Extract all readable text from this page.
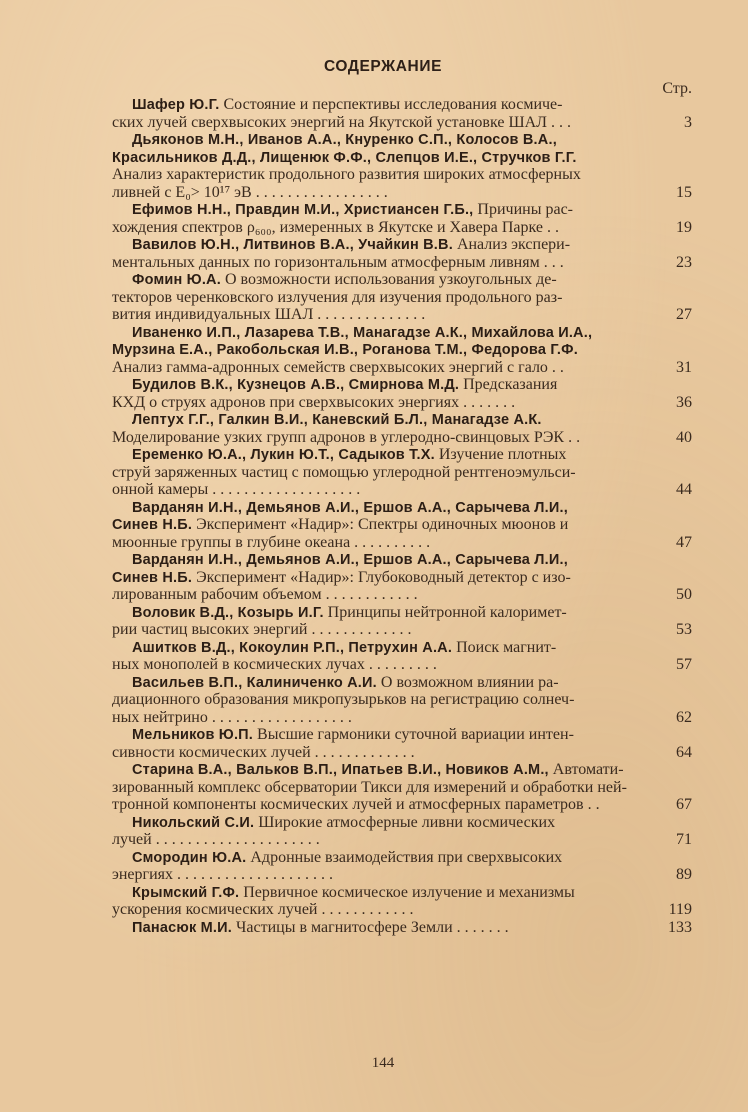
СОДЕРЖАНИЕ
Стр.
Шафер Ю.Г. Состояние и перспективы исследования космиче-
ских лучей сверхвысоких энергий на Якутской установке ШАЛ . . .	3
Дьяконов М.Н., Иванов А.А., Кнуренко С.П., Колосов В.А.,
Красильников Д.Д., Лищенюк Ф.Ф., Слепцов И.Е., Стручков Г.Г.
Анализ характеристик продольного развития широких атмосферных
ливней с E₀> 10¹⁷ эВ . . . . . . . . . . . . . . . . .	15
Ефимов Н.Н., Правдин М.И., Христиансен Г.Б., Причины рас-
хождения спектров ρ₆₀₀, измеренных в Якутске и Хавера Парке . .	19
Вавилов Ю.Н., Литвинов В.А., Учайкин В.В. Анализ экспери-
ментальных данных по горизонтальным атмосферным ливням . . .	23
Фомин Ю.А. О возможности использования узкоугольных де-
текторов черенковского излучения для изучения продольного раз-
вития индивидуальных ШАЛ . . . . . . . . . . . . . .	27
Иваненко И.П., Лазарева Т.В., Манагадзе А.К., Михайлова И.А.,
Мурзина Е.А., Ракобольская И.В., Роганова Т.М., Федорова Г.Ф.
Анализ гамма-адронных семейств сверхвысоких энергий с гало . .	31
Будилов В.К., Кузнецов А.В., Смирнова М.Д. Предсказания
КХД о струях адронов при сверхвысоких энергиях . . . . . . .	36
Лептух Г.Г., Галкин В.И., Каневский Б.Л., Манагадзе А.К.
Моделирование узких групп адронов в углеродно-свинцовых РЭК . .	40
Еременко Ю.А., Лукин Ю.Т., Садыков Т.Х. Изучение плотных
струй заряженных частиц с помощью углеродной рентгеноэмульси-
онной камеры . . . . . . . . . . . . . . . . . . .	44
Варданян И.Н., Демьянов А.И., Ершов А.А., Сарычева Л.И.,
Синев Н.Б. Эксперимент «Надир»: Спектры одиночных мюонов и
мюонные группы в глубине океана . . . . . . . . . .	47
Варданян И.Н., Демьянов А.И., Ершов А.А., Сарычева Л.И.,
Синев Н.Б. Эксперимент «Надир»: Глубоководный детектор с изо-
лированным рабочим объемом . . . . . . . . . . . .	50
Воловик В.Д., Козырь И.Г. Принципы нейтронной калоримет-
рии частиц высоких энергий . . . . . . . . . . . . .	53
Ашитков В.Д., Кокоулин Р.П., Петрухин А.А. Поиск магнит-
ных монополей в космических лучах . . . . . . . . .	57
Васильев В.П., Калиниченко А.И. О возможном влиянии ра-
диационного образования микропузырьков на регистрацию солнеч-
ных нейтрино . . . . . . . . . . . . . . . . . .	62
Мельников Ю.П. Высшие гармоники суточной вариации интен-
сивности космических лучей . . . . . . . . . . . . .	64
Старина В.А., Вальков В.П., Ипатьев В.И., Новиков А.М., Автомати-
зированный комплекс обсерватории Тикси для измерений и обработки ней-
тронной компоненты космических лучей и атмосферных параметров . .	67
Никольский С.И. Широкие атмосферные ливни космических
лучей . . . . . . . . . . . . . . . . . . . . .	71
Смородин Ю.А. Адронные взаимодействия при сверхвысоких
энергиях . . . . . . . . . . . . . . . . . . . .	89
Крымский Г.Ф. Первичное космическое излучение и механизмы
ускорения космических лучей . . . . . . . . . . . .	119
Панасюк М.И. Частицы в магнитосфере Земли . . . . . . .	133
144
